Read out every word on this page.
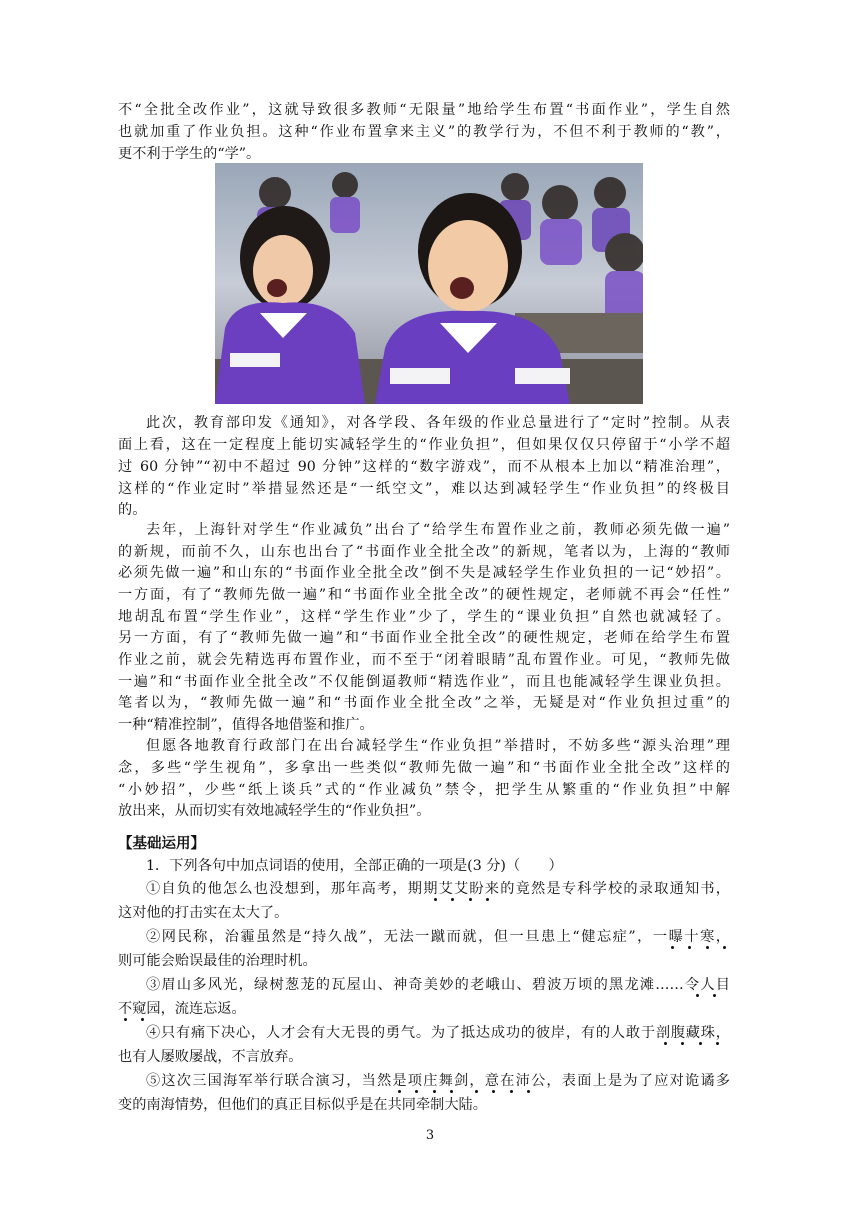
不“全批全改作业”，这就导致很多教师“无限量”地给学生布置“书面作业”，学生自然
也就加重了作业负担。这种“作业布置拿来主义”的教学行为，不但不利于教师的“教”，
更不利于学生的“学”。
此次，教育部印发《通知》，对各学段、各年级的作业总量进行了“定时”控制。从表
面上看，这在一定程度上能切实减轻学生的“作业负担”，但如果仅仅只停留于“小学不超
过 60 分钟”“初中不超过 90 分钟”这样的“数字游戏”，而不从根本上加以“精准治理”，
这样的“作业定时”举措显然还是“一纸空文”，难以达到减轻学生“作业负担”的终极目
的。
去年，上海针对学生“作业减负”出台了“给学生布置作业之前，教师必须先做一遍”
的新规，而前不久，山东也出台了“书面作业全批全改”的新规，笔者以为，上海的“教师
必须先做一遍”和山东的“书面作业全批全改”倒不失是减轻学生作业负担的一记“妙招”。
一方面，有了“教师先做一遍”和“书面作业全批全改”的硬性规定，老师就不再会“任性”
地胡乱布置“学生作业”，这样“学生作业”少了，学生的“课业负担”自然也就减轻了。
另一方面，有了“教师先做一遍”和“书面作业全批全改”的硬性规定，老师在给学生布置
作业之前，就会先精选再布置作业，而不至于“闭着眼睛”乱布置作业。可见，“教师先做
一遍”和“书面作业全批全改”不仅能倒逼教师“精选作业”，而且也能减轻学生课业负担。
笔者以为，“教师先做一遍”和“书面作业全批全改”之举，无疑是对“作业负担过重”的
一种“精准控制”，值得各地借鉴和推广。
但愿各地教育行政部门在出台减轻学生“作业负担”举措时，不妨多些“源头治理”理
念，多些“学生视角”，多拿出一些类似“教师先做一遍”和“书面作业全批全改”这样的
“小妙招”，少些“纸上谈兵”式的“作业减负”禁令，把学生从繁重的“作业负担”中解
放出来，从而切实有效地减轻学生的“作业负担”。
【基础运用】
1．下列各句中加点词语的使用，全部正确的一项是(3 分)（　　）
①自负的他怎么也没想到，那年高考，期期艾艾盼来的竟然是专科学校的录取通知书，
这对他的打击实在太大了。
②网民称，治霾虽然是“持久战”，无法一蹴而就，但一旦患上“健忘症”，一曝十寒，
则可能会贻误最佳的治理时机。
③眉山多风光，绿树葱茏的瓦屋山、神奇美妙的老峨山、碧波万顷的黑龙滩……令人目
不窥园，流连忘返。
④只有痛下决心，人才会有大无畏的勇气。为了抵达成功的彼岸，有的人敢于剖腹藏珠，
也有人屡败屡战，不言放弃。
⑤这次三国海军举行联合演习，当然是项庄舞剑，意在沛公，表面上是为了应对诡谲多
变的南海情势，但他们的真正目标似乎是在共同牵制大陆。
3
